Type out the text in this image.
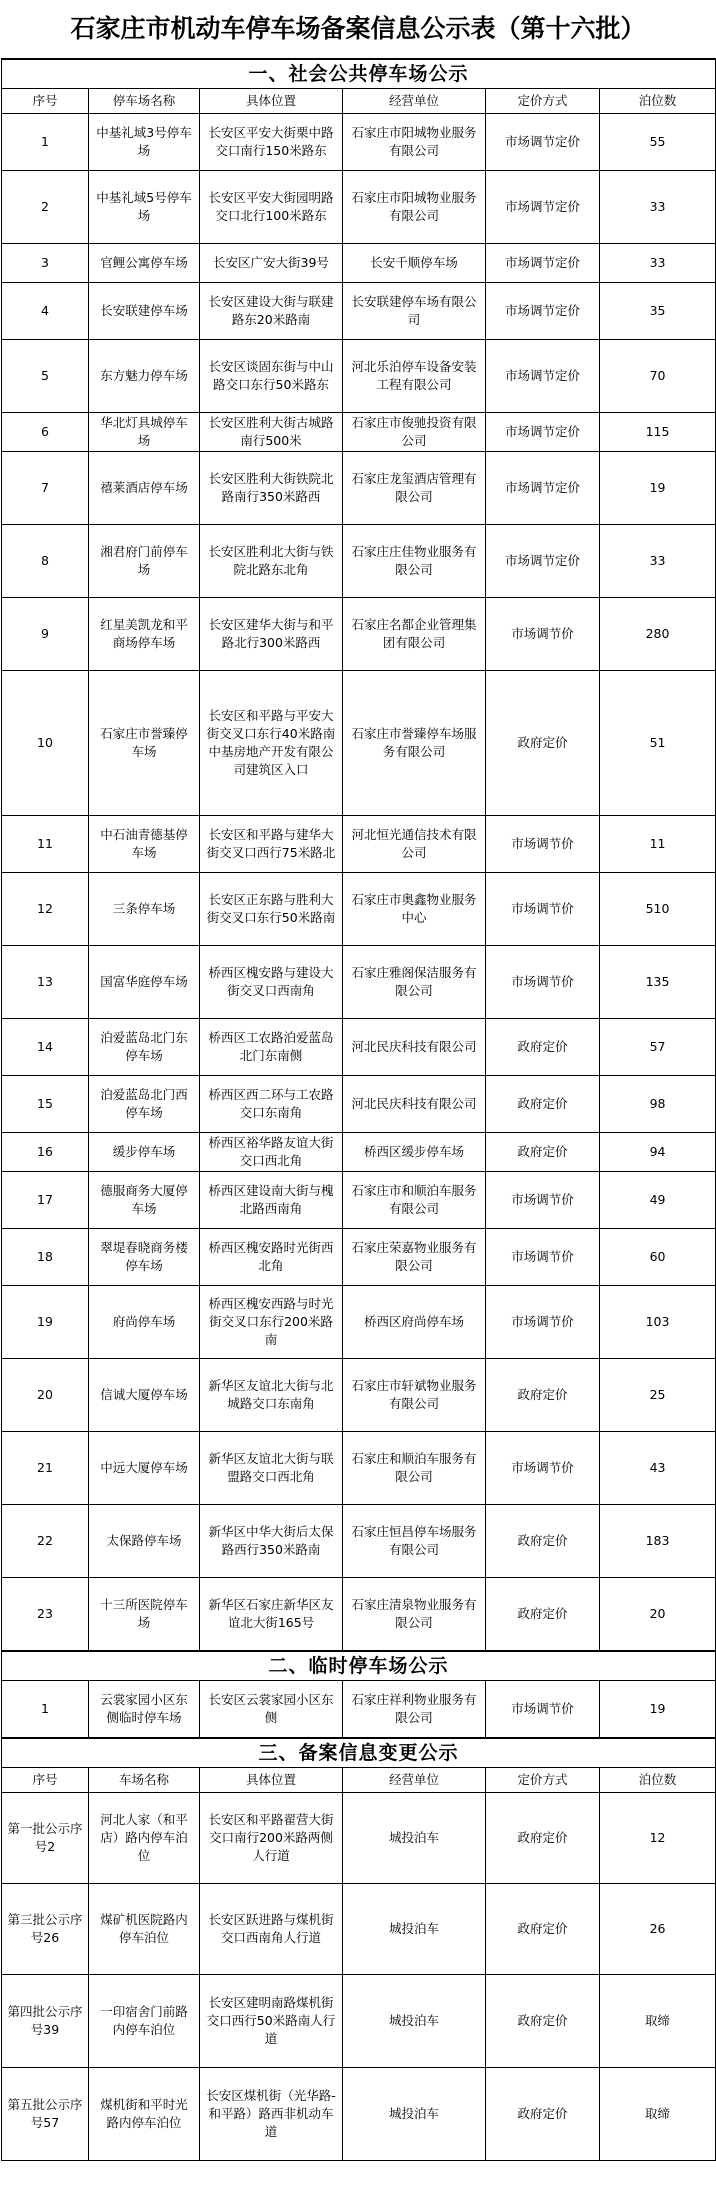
石家庄市机动车停车场备案信息公示表（第十六批）
一、社会公共停车场公示					
序号	停车场名称	具体位置	经营单位	定价方式	泊位数
1	中基礼域3号停车场	长安区平安大街栗中路交口南行150米路东	石家庄市阳城物业服务有限公司	市场调节定价	55
2	中基礼域5号停车场	长安区平安大街园明路交口北行100米路东	石家庄市阳城物业服务有限公司	市场调节定价	33
3	官鲤公寓停车场	长安区广安大街39号	长安千顺停车场	市场调节定价	33
4	长安联建停车场	长安区建设大街与联建路东20米路南	长安联建停车场有限公司	市场调节定价	35
5	东方魅力停车场	长安区谈固东街与中山路交口东行50米路东	河北乐泊停车设备安装工程有限公司	市场调节定价	70
6	华北灯具城停车场	长安区胜利大街古城路南行500米	石家庄市俊驰投资有限公司	市场调节定价	115
7	禧莱酒店停车场	长安区胜利大街铁院北路南行350米路西	石家庄龙玺酒店管理有限公司	市场调节定价	19
8	湘君府门前停车场	长安区胜利北大街与铁院北路东北角	石家庄庄佳物业服务有限公司	市场调节定价	33
9	红星美凯龙和平商场停车场	长安区建华大街与和平路北行300米路西	石家庄名都企业管理集团有限公司	市场调节价	280
10	石家庄市誉臻停车场	长安区和平路与平安大街交叉口东行40米路南中基房地产开发有限公司建筑区入口	石家庄市誉臻停车场服务有限公司	政府定价	51
11	中石油青德基停车场	长安区和平路与建华大街交叉口西行75米路北	河北恒光通信技术有限公司	市场调节价	11
12	三条停车场	长安区正东路与胜利大街交叉口东行50米路南	石家庄市奥鑫物业服务中心	市场调节价	510
13	国富华庭停车场	桥西区槐安路与建设大街交叉口西南角	石家庄雅阁保洁服务有限公司	市场调节价	135
14	泊爱蓝岛北门东停车场	桥西区工农路泊爱蓝岛北门东南侧	河北民庆科技有限公司	政府定价	57
15	泊爱蓝岛北门西停车场	桥西区西二环与工农路交口东南角	河北民庆科技有限公司	政府定价	98
16	缓步停车场	桥西区裕华路友谊大街交口西北角	桥西区缓步停车场	政府定价	94
17	德服商务大厦停车场	桥西区建设南大街与槐北路西南角	石家庄市和顺泊车服务有限公司	市场调节价	49
18	翠堤春晓商务楼停车场	桥西区槐安路时光街西北角	石家庄荣嘉物业服务有限公司	市场调节价	60
19	府尚停车场	桥西区槐安西路与时光街交叉口东行200米路南	桥西区府尚停车场	市场调节价	103
20	信诚大厦停车场	新华区友谊北大街与北城路交口东南角	石家庄市轩斌物业服务有限公司	政府定价	25
21	中远大厦停车场	新华区友谊北大街与联盟路交口西北角	石家庄和顺泊车服务有限公司	市场调节价	43
22	太保路停车场	新华区中华大街后太保路西行350米路南	石家庄恒昌停车场服务有限公司	政府定价	183
23	十三所医院停车场	新华区石家庄新华区友谊北大街165号	石家庄清泉物业服务有限公司	政府定价	20
二、临时停车场公示					
1	云裳家园小区东侧临时停车场	长安区云裳家园小区东侧	石家庄祥利物业服务有限公司	市场调节价	19
三、备案信息变更公示					
序号	车场名称	具体位置	经营单位	定价方式	泊位数
第一批公示序号2	河北人家（和平店）路内停车泊位	长安区和平路翟营大街交口南行200米路两侧人行道	城投泊车	政府定价	12
第三批公示序号26	煤矿机医院路内停车泊位	长安区跃进路与煤机街交口西南角人行道	城投泊车	政府定价	26
第四批公示序号39	一印宿舍门前路内停车泊位	长安区建明南路煤机街交口西行50米路南人行道	城投泊车	政府定价	取缔
第五批公示序号57	煤机街和平时光路内停车泊位	长安区煤机街（光华路-和平路）路西非机动车道	城投泊车	政府定价	取缔
